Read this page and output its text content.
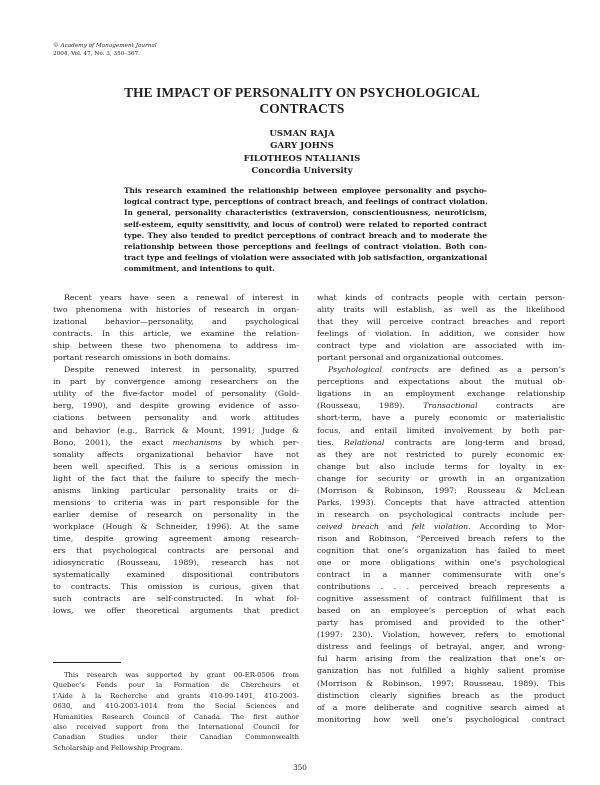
© Academy of Management Journal
2004, Vol. 47, No. 3, 350–367.
THE IMPACT OF PERSONALITY ON PSYCHOLOGICAL
CONTRACTS
USMAN RAJA
GARY JOHNS
FILOTHEOS NTALIANIS
Concordia University
This research examined the relationship between employee personality and psycho-
logical contract type, perceptions of contract breach, and feelings of contract violation.
In general, personality characteristics (extraversion, conscientiousness, neuroticism,
self-esteem, equity sensitivity, and locus of control) were related to reported contract
type. They also tended to predict perceptions of contract breach and to moderate the
relationship between those perceptions and feelings of contract violation. Both con-
tract type and feelings of violation were associated with job satisfaction, organizational
commitment, and intentions to quit.
Recent years have seen a renewal of interest in
two phenomena with histories of research in organ-
izational behavior—personality, and psychological
contracts. In this article, we examine the relation-
ship between these two phenomena to address im-
portant research omissions in both domains.
Despite renewed interest in personality, spurred
in part by convergence among researchers on the
utility of the five-factor model of personality (Gold-
berg, 1990), and despite growing evidence of asso-
ciations between personality and work attitudes
and behavior (e.g., Barrick & Mount, 1991; Judge &
Bono, 2001), the exact mechanisms by which per-
sonality affects organizational behavior have not
been well specified. This is a serious omission in
light of the fact that the failure to specify the mech-
anisms linking particular personality traits or di-
mensions to criteria was in part responsible for the
earlier demise of research on personality in the
workplace (Hough & Schneider, 1996). At the same
time, despite growing agreement among research-
ers that psychological contracts are personal and
idiosyncratic (Rousseau, 1989), research has not
systematically examined dispositional contributors
to contracts. This omission is curious, given that
such contracts are self-constructed. In what fol-
lows, we offer theoretical arguments that predict
This research was supported by grant 00-ER-0506 from
Quebec’s Fonds pour la Formation de Chercheurs et
l’Aide à la Recherche and grants 410-99-1491, 410-2003-
0630, and 410-2003-1014 from the Social Sciences and
Humanities Research Council of Canada. The first author
also received support from the International Council for
Canadian Studies under their Canadian Commonwealth
Scholarship and Fellowship Program.
what kinds of contracts people with certain person-
ality traits will establish, as well as the likelihood
that they will perceive contract breaches and report
feelings of violation. In addition, we consider how
contract type and violation are associated with im-
portant personal and organizational outcomes.
Psychological contracts are defined as a person’s
perceptions and expectations about the mutual ob-
ligations in an employment exchange relationship
(Rousseau, 1989). Transactional contracts are
short-term, have a purely economic or materialistic
focus, and entail limited involvement by both par-
ties. Relational contracts are long-term and broad,
as they are not restricted to purely economic ex-
change but also include terms for loyalty in ex-
change for security or growth in an organization
(Morrison & Robinson, 1997; Rousseau & McLean
Parks, 1993). Concepts that have attracted attention
in research on psychological contracts include per-
ceived breach and felt violation. According to Mor-
rison and Robinson, “Perceived breach refers to the
cognition that one’s organization has failed to meet
one or more obligations within one’s psychological
contract in a manner commensurate with one’s
contributions . . . perceived breach represents a
cognitive assessment of contract fulfillment that is
based on an employee’s perception of what each
party has promised and provided to the other”
(1997: 230). Violation, however, refers to emotional
distress and feelings of betrayal, anger, and wrong-
ful harm arising from the realization that one’s or-
ganization has not fulfilled a highly salient promise
(Morrison & Robinson, 1997; Rousseau, 1989). This
distinction clearly signifies breach as the product
of a more deliberate and cognitive search aimed at
monitoring how well one’s psychological contract
350
